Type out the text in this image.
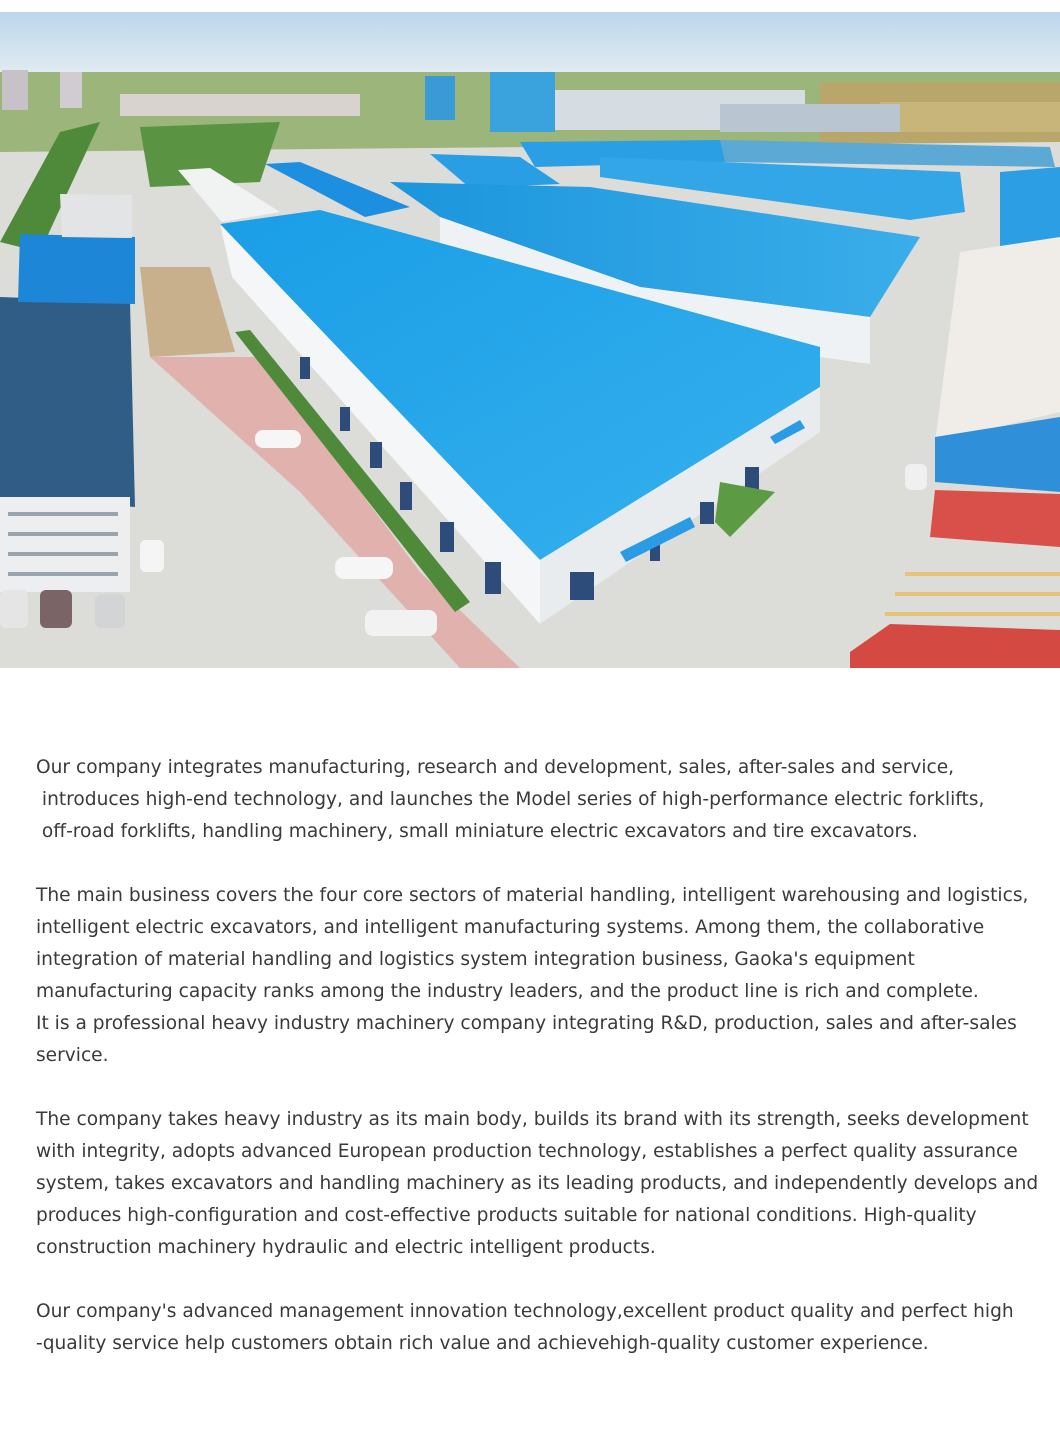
Our company integrates manufacturing, research and development, sales, after-sales and service,
introduces high-end technology, and launches the Model series of high-performance electric forklifts,
off-road forklifts, handling machinery, small miniature electric excavators and tire excavators.

The main business covers the four core sectors of material handling, intelligent warehousing and logistics,
intelligent electric excavators, and intelligent manufacturing systems. Among them, the collaborative
integration of material handling and logistics system integration business, Gaoka's equipment
manufacturing capacity ranks among the industry leaders, and the product line is rich and complete.
It is a professional heavy industry machinery company integrating R&D, production, sales and after-sales
service.

The company takes heavy industry as its main body, builds its brand with its strength, seeks development
with integrity, adopts advanced European production technology, establishes a perfect quality assurance
system, takes excavators and handling machinery as its leading products, and independently develops and
produces high-configuration and cost-effective products suitable for national conditions. High-quality
construction machinery hydraulic and electric intelligent products.

Our company's advanced management innovation technology,excellent product quality and perfect high
-quality service help customers obtain rich value and achievehigh-quality customer experience.
